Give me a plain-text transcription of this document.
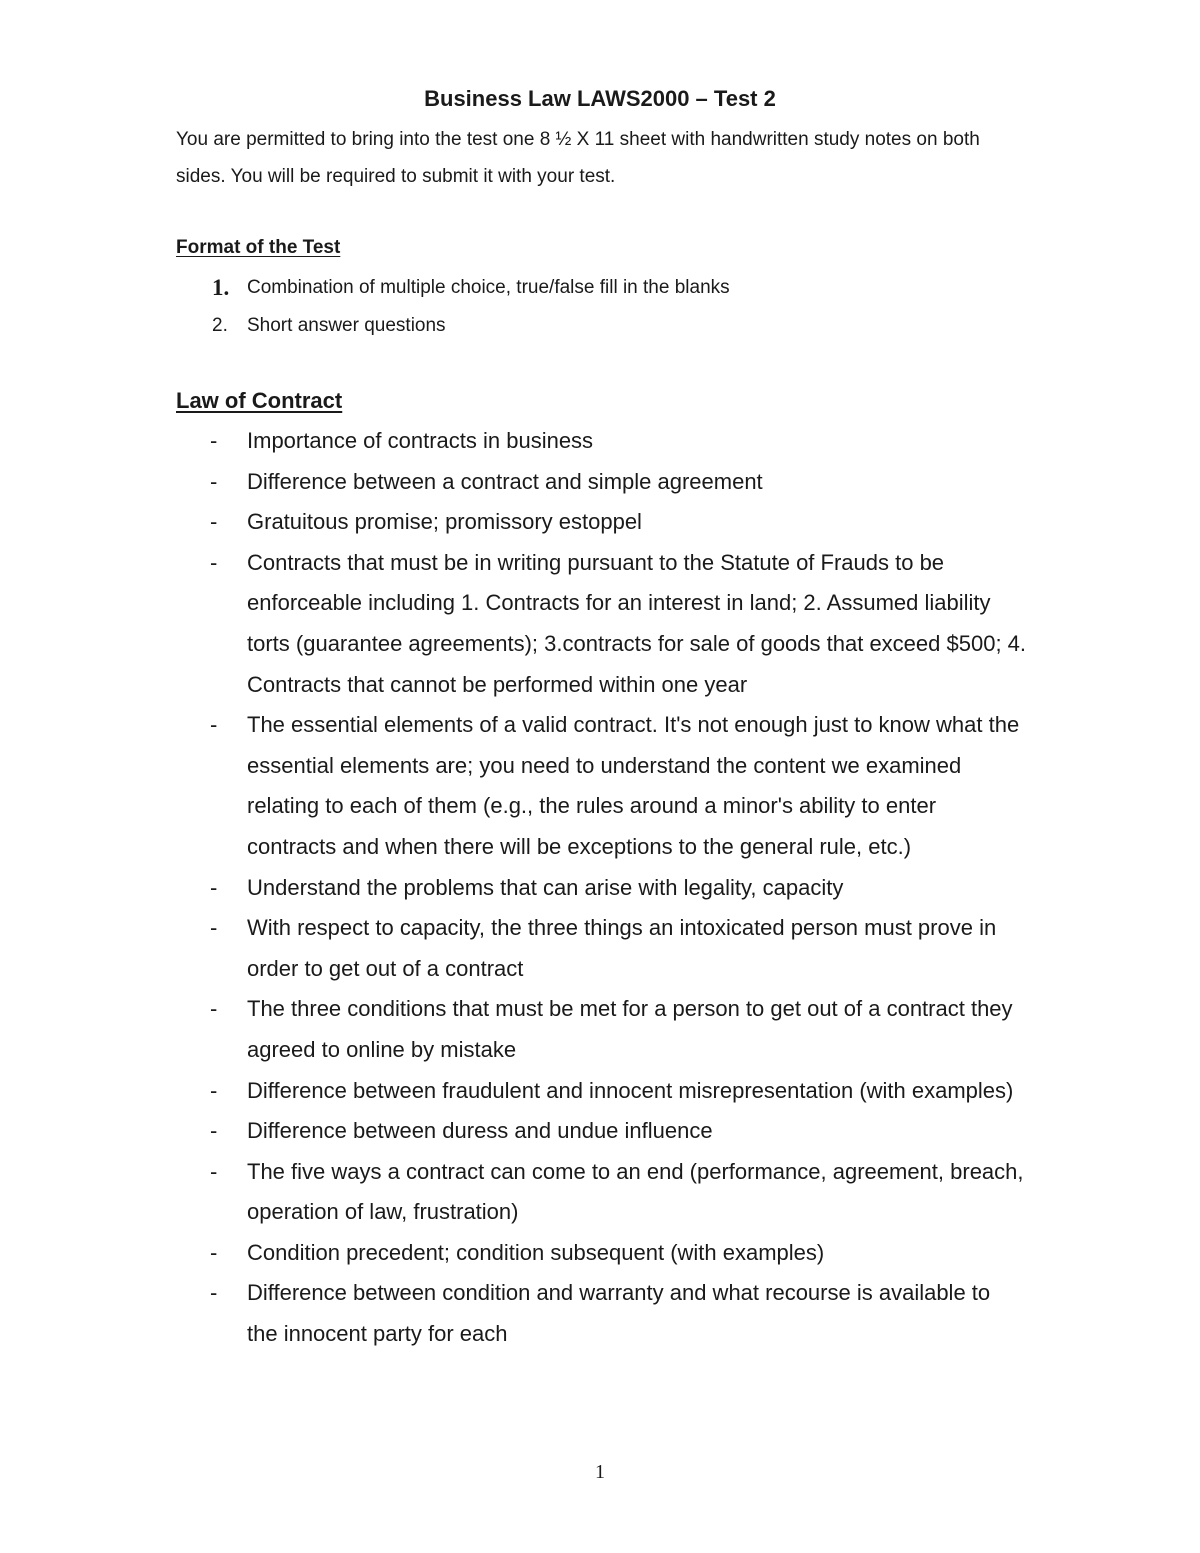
Business Law LAWS2000 – Test 2
You are permitted to bring into the test one 8 ½ X 11 sheet with handwritten study notes on both sides. You will be required to submit it with your test.
Format of the Test
1. Combination of multiple choice, true/false fill in the blanks
2. Short answer questions
Law of Contract
- Importance of contracts in business
- Difference between a contract and simple agreement
- Gratuitous promise; promissory estoppel
- Contracts that must be in writing pursuant to the Statute of Frauds to be enforceable including 1. Contracts for an interest in land; 2. Assumed liability torts (guarantee agreements); 3.contracts for sale of goods that exceed $500; 4. Contracts that cannot be performed within one year
- The essential elements of a valid contract. It's not enough just to know what the essential elements are; you need to understand the content we examined relating to each of them (e.g., the rules around a minor's ability to enter contracts and when there will be exceptions to the general rule, etc.)
- Understand the problems that can arise with legality, capacity
- With respect to capacity, the three things an intoxicated person must prove in order to get out of a contract
- The three conditions that must be met for a person to get out of a contract they agreed to online by mistake
- Difference between fraudulent and innocent misrepresentation (with examples)
- Difference between duress and undue influence
- The five ways a contract can come to an end (performance, agreement, breach, operation of law, frustration)
- Condition precedent; condition subsequent (with examples)
- Difference between condition and warranty and what recourse is available to the innocent party for each
1
